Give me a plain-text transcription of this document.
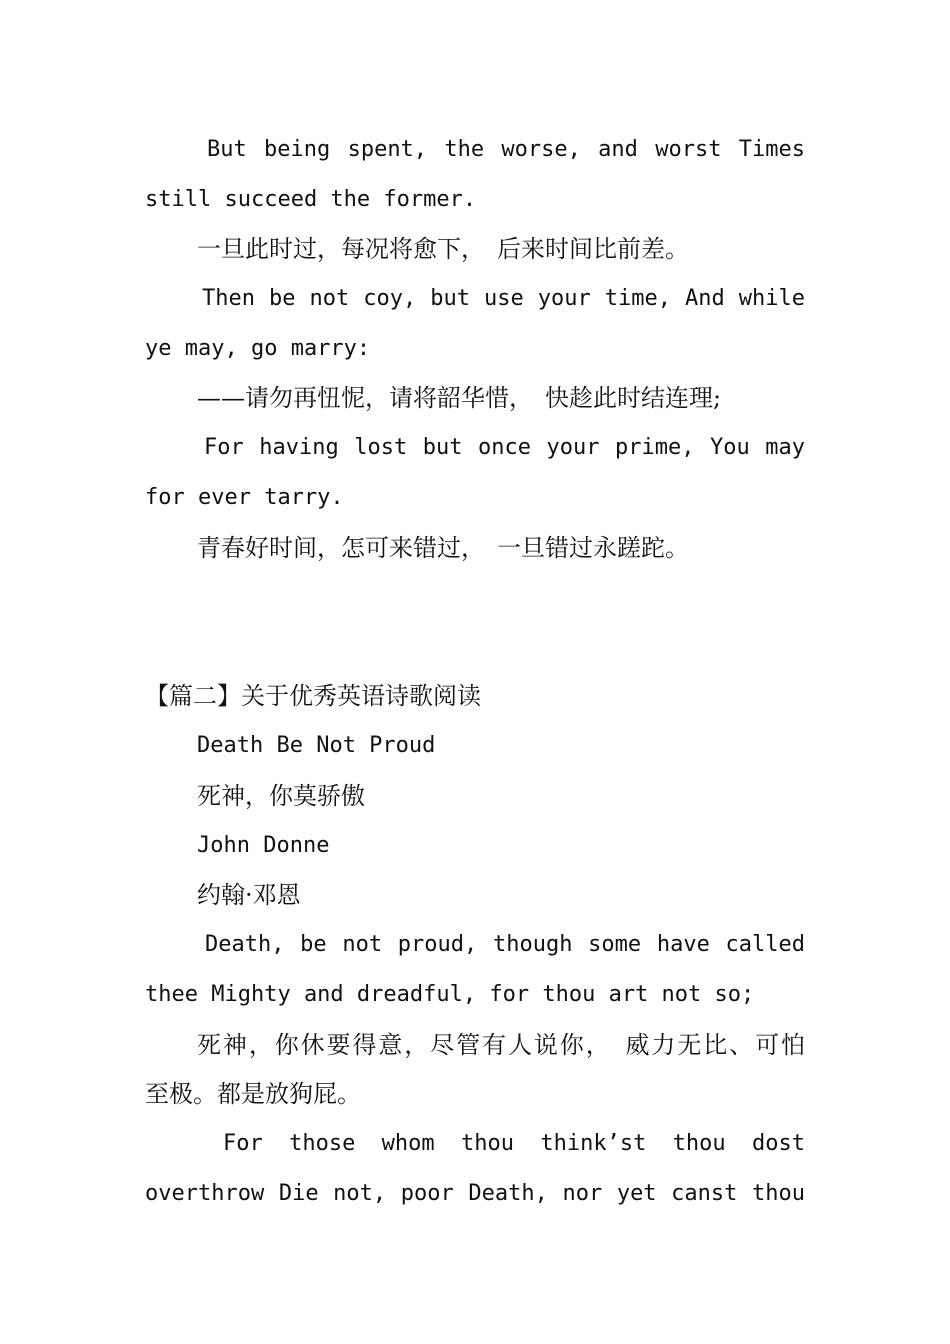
But being spent, the worse, and worst Times
still succeed the former.
一旦此时过，每况将愈下，　后来时间比前差。
Then be not coy, but use your time, And while
ye may, go marry:
——请勿再忸怩，请将韶华惜，　快趁此时结连理;
For having lost but once your prime, You may
for ever tarry.
青春好时间，怎可来错过，　一旦错过永蹉跎。
【篇二】关于优秀英语诗歌阅读
Death Be Not Proud
死神，你莫骄傲
John Donne
约翰·邓恩
Death, be not proud, though some have called
thee Mighty and dreadful, for thou art not so;
死神，你休要得意，尽管有人说你，　威力无比、可怕
至极。都是放狗屁。
For those whom thou think’st thou dost
overthrow Die not, poor Death, nor yet canst thou
